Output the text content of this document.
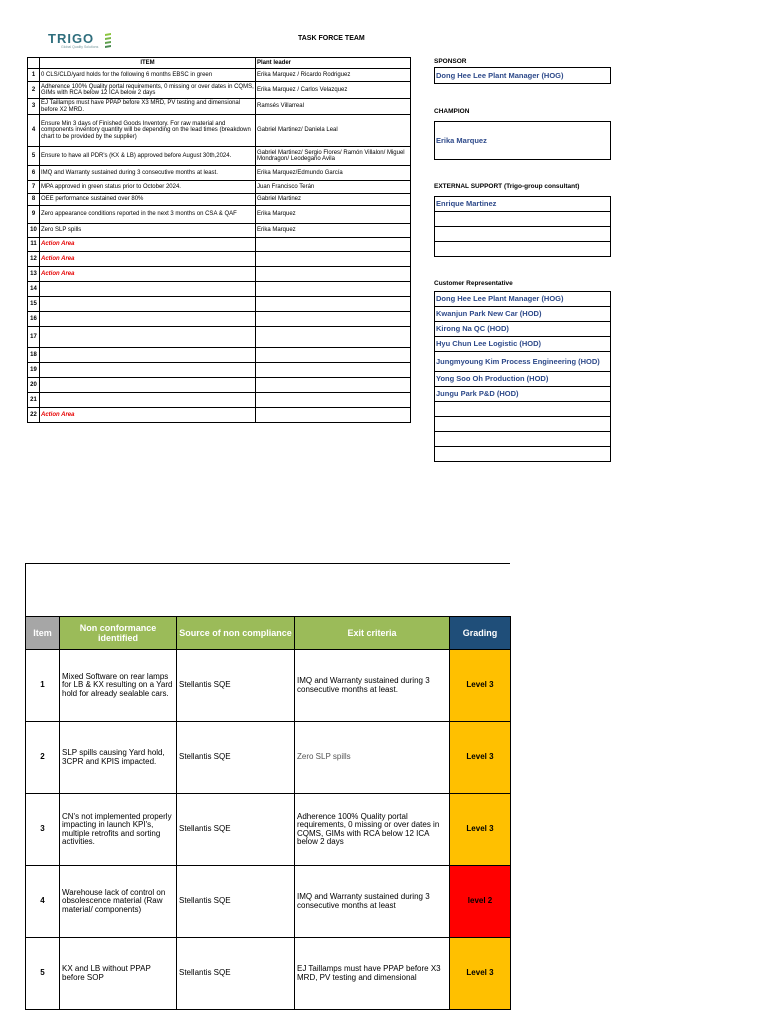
TRIGO
Global Quality Solutions
TASK FORCE TEAM
	ITEM	Plant leader
1	0 CLS/CLD/yard holds for the following 6 months EBSC in green	Erika Marquez / Ricardo Rodriguez
2	Adherence 100% Quality portal requirements, 0 missing or over dates in CQMS, GIMs with RCA below 12 ICA below 2 days	Erika Marquez / Carlos Velazquez
3	EJ Taillamps must have PPAP before X3 MRD, PV testing and dimensional before X2 MRD.	Ramsés Villarreal
4	Ensure Min 3 days of Finished Goods Inventory. For raw material and components inventory quantity will be depending on the lead times (breakdown chart to be provided by the supplier)	Gabriel Martinez/ Daniela Leal
5	Ensure to have all PDR's (KX & LB) approved before August 30th,2024.	Gabriel Martinez/ Sergio Flores/ Ramón Villalon/ Miguel Mondragon/ Leodegario Avila
6	IMQ and Warranty sustained during 3 consecutive months at least.	Erika Marquez/Edmundo García
7	MPA approved in green status prior to October 2024.	Juan Francisco Terán
8	OEE performance sustained over 80%	Gabriel Martinez
9	Zero appearance conditions reported in the next 3 months on CSA & QAF	Erika Marquez
10	Zero SLP spills	Erika Marquez
11	Action Area	
12	Action Area	
13	Action Area	
14		
15		
16		
17		
18		
19		
20		
21		
22	Action Area	
SPONSOR
Dong Hee Lee Plant Manager (HOG)
CHAMPION
Erika Marquez
EXTERNAL SUPPORT (Trigo-group consultant)
Enrique Martinez

Customer Representative
Dong Hee Lee Plant Manager (HOG)
Kwanjun Park New Car (HOD)
Kirong Na QC (HOD)
Hyu Chun Lee Logistic (HOD)
Jungmyoung Kim Process Engineering (HOD)
Yong Soo Oh Production (HOD)
Jungu Park P&D (HOD)

Item	Non conformance identified	Source of non compliance	Exit criteria	Grading
1	Mixed Software on rear lamps for LB & KX resulting on a Yard hold for already sealable cars.	Stellantis SQE	IMQ and Warranty sustained during 3 consecutive months at least.	Level 3
2	SLP spills causing Yard hold, 3CPR and KPIS impacted.	Stellantis SQE	Zero SLP spills	Level 3
3	CN's not implemented properly impacting in launch KPI's, multiple retrofits and sorting activities.	Stellantis SQE	Adherence 100% Quality portal requirements, 0 missing or over dates in CQMS, GIMs with RCA below 12 ICA below 2 days	Level 3
4	Warehouse lack of control on obsolescence material (Raw material/ components)	Stellantis SQE	IMQ and Warranty sustained during 3 consecutive months at least	level 2
5	KX and LB without PPAP before SOP	Stellantis SQE	EJ Taillamps must have PPAP before X3 MRD, PV testing and dimensional	Level 3
